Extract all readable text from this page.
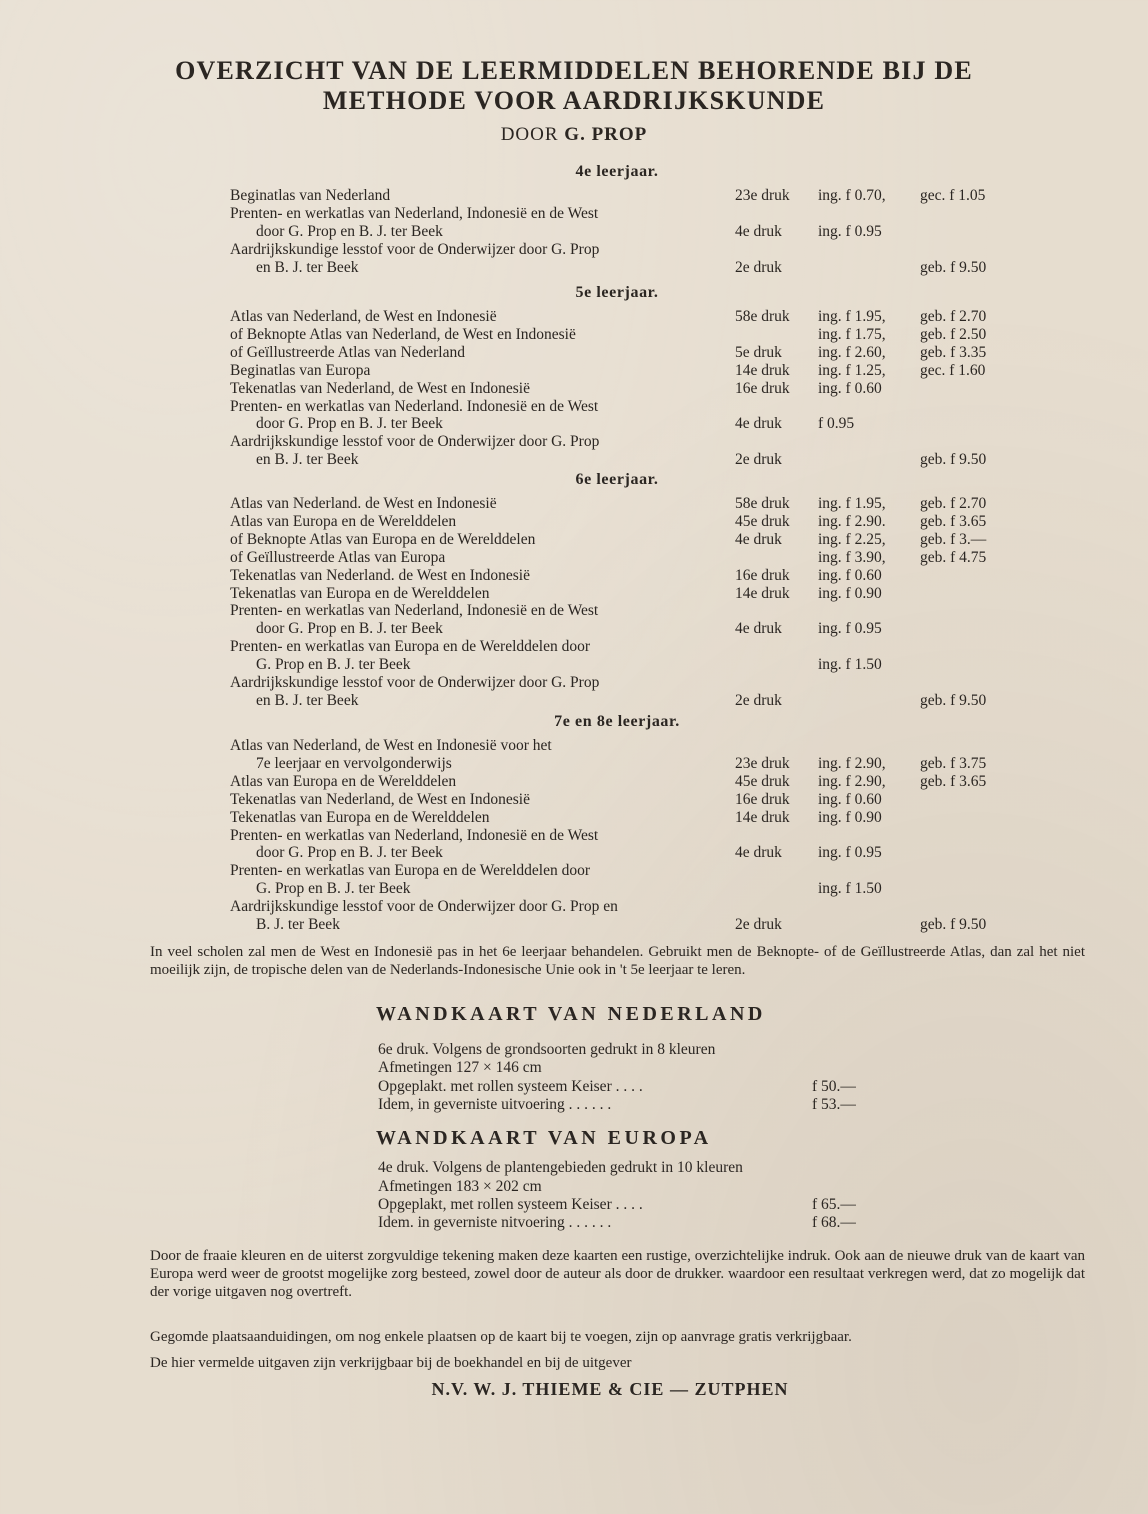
OVERZICHT VAN DE LEERMIDDELEN BEHORENDE BIJ DE
METHODE VOOR AARDRIJKSKUNDE
DOOR G. PROP
4e leerjaar.
Beginatlas van Nederland	23e druk ing. f 0.70, gec. f 1.05
Prenten- en werkatlas van Nederland, Indonesië en de West
door G. Prop en B. J. ter Beek	4e druk ing. f 0.95
Aardrijkskundige lesstof voor de Onderwijzer door G. Prop
en B. J. ter Beek	2e druk	geb. f 9.50
5e leerjaar.
Atlas van Nederland, de West en Indonesië	58e druk ing. f 1.95, geb. f 2.70
of Beknopte Atlas van Nederland, de West en Indonesië	ing. f 1.75, geb. f 2.50
of Geïllustreerde Atlas van Nederland	5e druk ing. f 2.60, geb. f 3.35
Beginatlas van Europa	14e druk ing. f 1.25, gec. f 1.60
Tekenatlas van Nederland, de West en Indonesië	16e druk ing. f 0.60
Prenten- en werkatlas van Nederland. Indonesië en de West
door G. Prop en B. J. ter Beek	4e druk f 0.95
Aardrijkskundige lesstof voor de Onderwijzer door G. Prop
en B. J. ter Beek	2e druk	geb. f 9.50
6e leerjaar.
Atlas van Nederland. de West en Indonesië	58e druk ing. f 1.95, geb. f 2.70
Atlas van Europa en de Werelddelen	45e druk ing. f 2.90. geb. f 3.65
of Beknopte Atlas van Europa en de Werelddelen	4e druk ing. f 2.25, geb. f 3.—
of Geïllustreerde Atlas van Europa	ing. f 3.90, geb. f 4.75
Tekenatlas van Nederland. de West en Indonesië	16e druk ing. f 0.60
Tekenatlas van Europa en de Werelddelen	14e druk ing. f 0.90
Prenten- en werkatlas van Nederland, Indonesië en de West
door G. Prop en B. J. ter Beek	4e druk ing. f 0.95
Prenten- en werkatlas van Europa en de Werelddelen door
G. Prop en B. J. ter Beek	ing. f 1.50
Aardrijkskundige lesstof voor de Onderwijzer door G. Prop
en B. J. ter Beek	2e druk	geb. f 9.50
7e en 8e leerjaar.
Atlas van Nederland, de West en Indonesië voor het
7e leerjaar en vervolgonderwijs	23e druk ing. f 2.90, geb. f 3.75
Atlas van Europa en de Werelddelen	45e druk ing. f 2.90, geb. f 3.65
Tekenatlas van Nederland, de West en Indonesië	16e druk ing. f 0.60
Tekenatlas van Europa en de Werelddelen	14e druk ing. f 0.90
Prenten- en werkatlas van Nederland, Indonesië en de West
door G. Prop en B. J. ter Beek	4e druk ing. f 0.95
Prenten- en werkatlas van Europa en de Werelddelen door
G. Prop en B. J. ter Beek	ing. f 1.50
Aardrijkskundige lesstof voor de Onderwijzer door G. Prop en
B. J. ter Beek	2e druk	geb. f 9.50

In veel scholen zal men de West en Indonesië pas in het 6e leerjaar behandelen. Gebruikt men de Beknopte- of de Geïllustreerde Atlas, dan zal het niet moeilijk zijn, de tropische delen van de Nederlands-Indonesische Unie ook in 't 5e leerjaar te leren.

WANDKAART VAN NEDERLAND
6e druk. Volgens de grondsoorten gedrukt in 8 kleuren
Afmetingen 127 × 146 cm
Opgeplakt. met rollen systeem Keiser . . . .	f 50.—
Idem, in geverniste uitvoering . . . . . .	f 53.—
WANDKAART VAN EUROPA
4e druk. Volgens de plantengebieden gedrukt in 10 kleuren
Afmetingen 183 × 202 cm
Opgeplakt, met rollen systeem Keiser . . . .	f 65.—
Idem. in geverniste nitvoering . . . . . .	f 68.—

Door de fraaie kleuren en de uiterst zorgvuldige tekening maken deze kaarten een rustige, overzichtelijke indruk. Ook aan de nieuwe druk van de kaart van Europa werd weer de grootst mogelijke zorg besteed, zowel door de auteur als door de drukker. waardoor een resultaat verkregen werd, dat zo mogelijk dat der vorige uitgaven nog overtreft.

Gegomde plaatsaanduidingen, om nog enkele plaatsen op de kaart bij te voegen, zijn op aanvrage gratis verkrijgbaar.

De hier vermelde uitgaven zijn verkrijgbaar bij de boekhandel en bij de uitgever

N.V. W. J. THIEME & CIE — ZUTPHEN
